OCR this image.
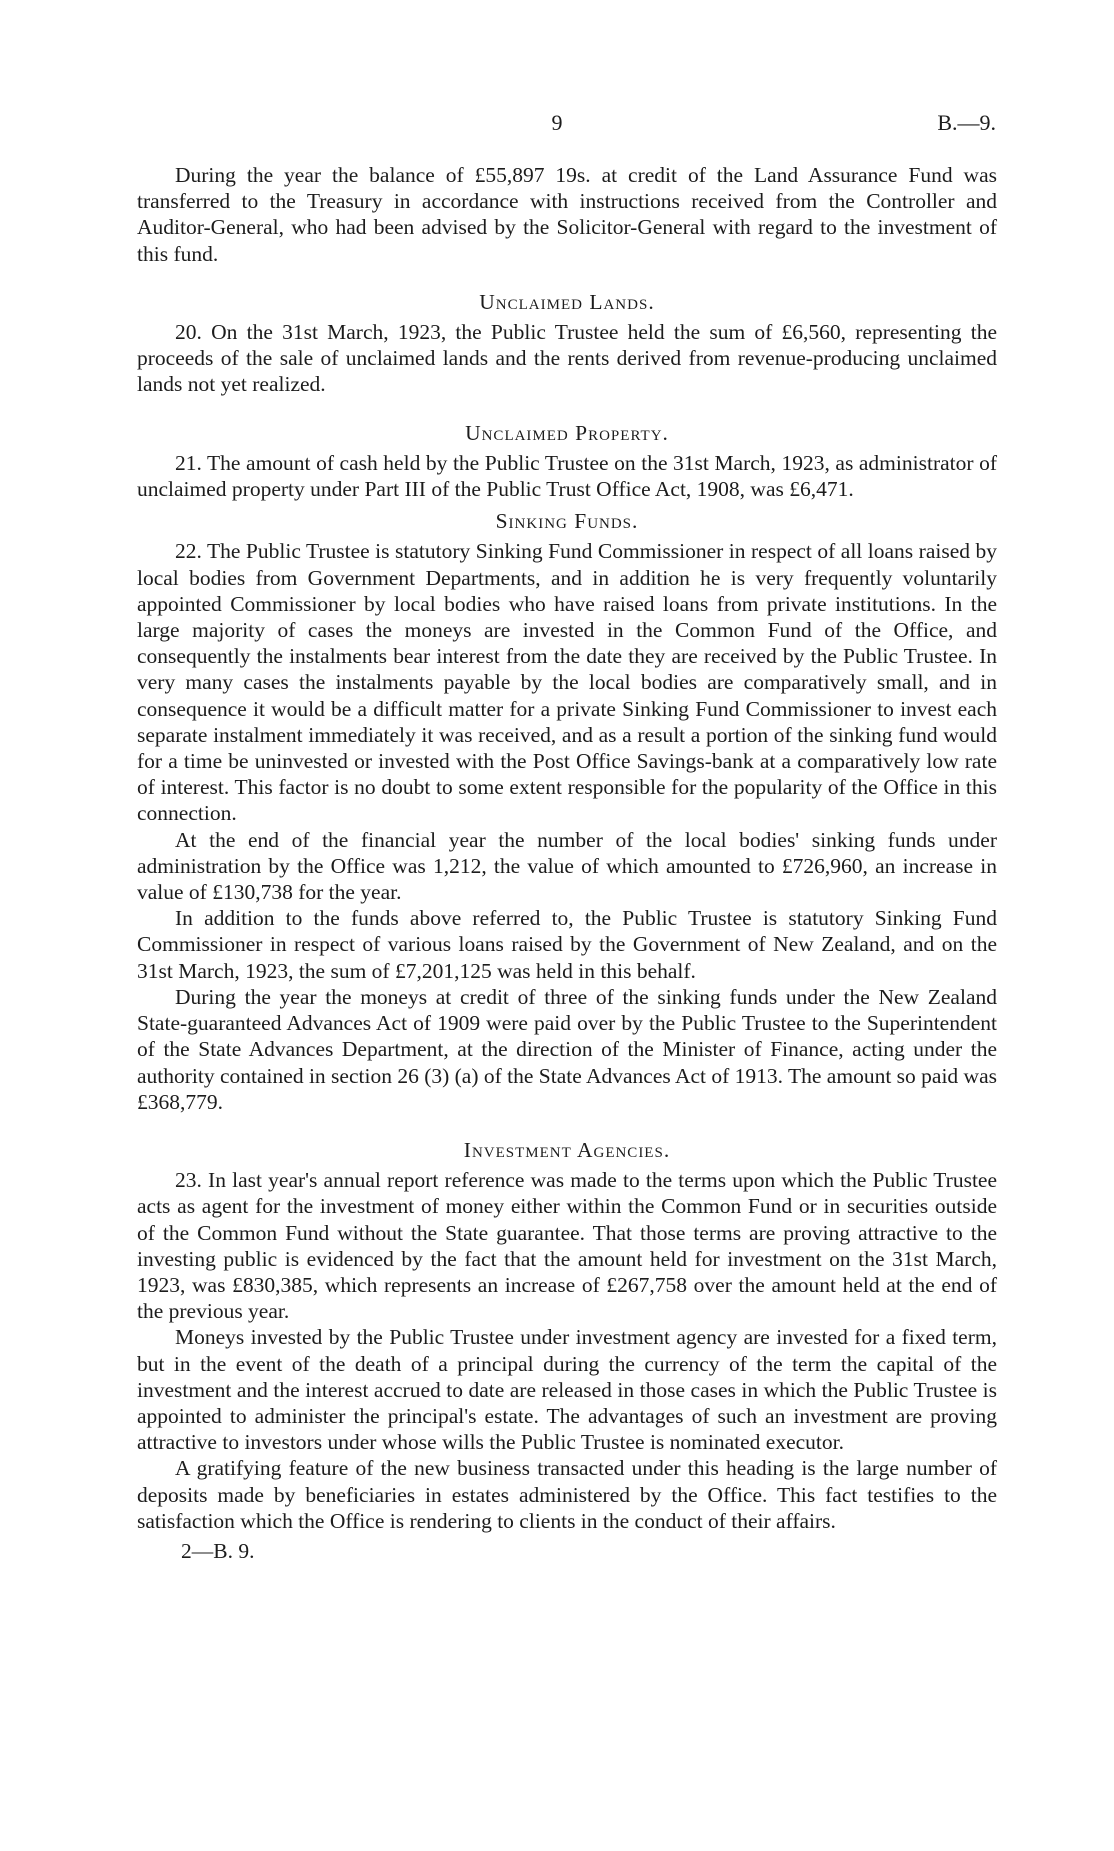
9	B.—9.

During the year the balance of £55,897 19s. at credit of the Land Assurance Fund was transferred to the Treasury in accordance with instructions received from the Controller and Auditor-General, who had been advised by the Solicitor-General with regard to the investment of this fund.

Unclaimed Lands.

20. On the 31st March, 1923, the Public Trustee held the sum of £6,560, representing the proceeds of the sale of unclaimed lands and the rents derived from revenue-producing unclaimed lands not yet realized.

Unclaimed Property.

21. The amount of cash held by the Public Trustee on the 31st March, 1923, as administrator of unclaimed property under Part III of the Public Trust Office Act, 1908, was £6,471.

Sinking Funds.

22. The Public Trustee is statutory Sinking Fund Commissioner in respect of all loans raised by local bodies from Government Departments, and in addition he is very frequently voluntarily appointed Commissioner by local bodies who have raised loans from private institutions. In the large majority of cases the moneys are invested in the Common Fund of the Office, and consequently the instalments bear interest from the date they are received by the Public Trustee. In very many cases the instalments payable by the local bodies are comparatively small, and in consequence it would be a difficult matter for a private Sinking Fund Commissioner to invest each separate instalment immediately it was received, and as a result a portion of the sinking fund would for a time be uninvested or invested with the Post Office Savings-bank at a comparatively low rate of interest. This factor is no doubt to some extent responsible for the popularity of the Office in this connection.

At the end of the financial year the number of the local bodies' sinking funds under administration by the Office was 1,212, the value of which amounted to £726,960, an increase in value of £130,738 for the year.

In addition to the funds above referred to, the Public Trustee is statutory Sinking Fund Commissioner in respect of various loans raised by the Government of New Zealand, and on the 31st March, 1923, the sum of £7,201,125 was held in this behalf.

During the year the moneys at credit of three of the sinking funds under the New Zealand State-guaranteed Advances Act of 1909 were paid over by the Public Trustee to the Superintendent of the State Advances Department, at the direction of the Minister of Finance, acting under the authority contained in section 26 (3) (a) of the State Advances Act of 1913. The amount so paid was £368,779.

Investment Agencies.

23. In last year's annual report reference was made to the terms upon which the Public Trustee acts as agent for the investment of money either within the Common Fund or in securities outside of the Common Fund without the State guarantee. That those terms are proving attractive to the investing public is evidenced by the fact that the amount held for investment on the 31st March, 1923, was £830,385, which represents an increase of £267,758 over the amount held at the end of the previous year.

Moneys invested by the Public Trustee under investment agency are invested for a fixed term, but in the event of the death of a principal during the currency of the term the capital of the investment and the interest accrued to date are released in those cases in which the Public Trustee is appointed to administer the principal's estate. The advantages of such an investment are proving attractive to investors under whose wills the Public Trustee is nominated executor.

A gratifying feature of the new business transacted under this heading is the large number of deposits made by beneficiaries in estates administered by the Office. This fact testifies to the satisfaction which the Office is rendering to clients in the conduct of their affairs.

2—B. 9.
